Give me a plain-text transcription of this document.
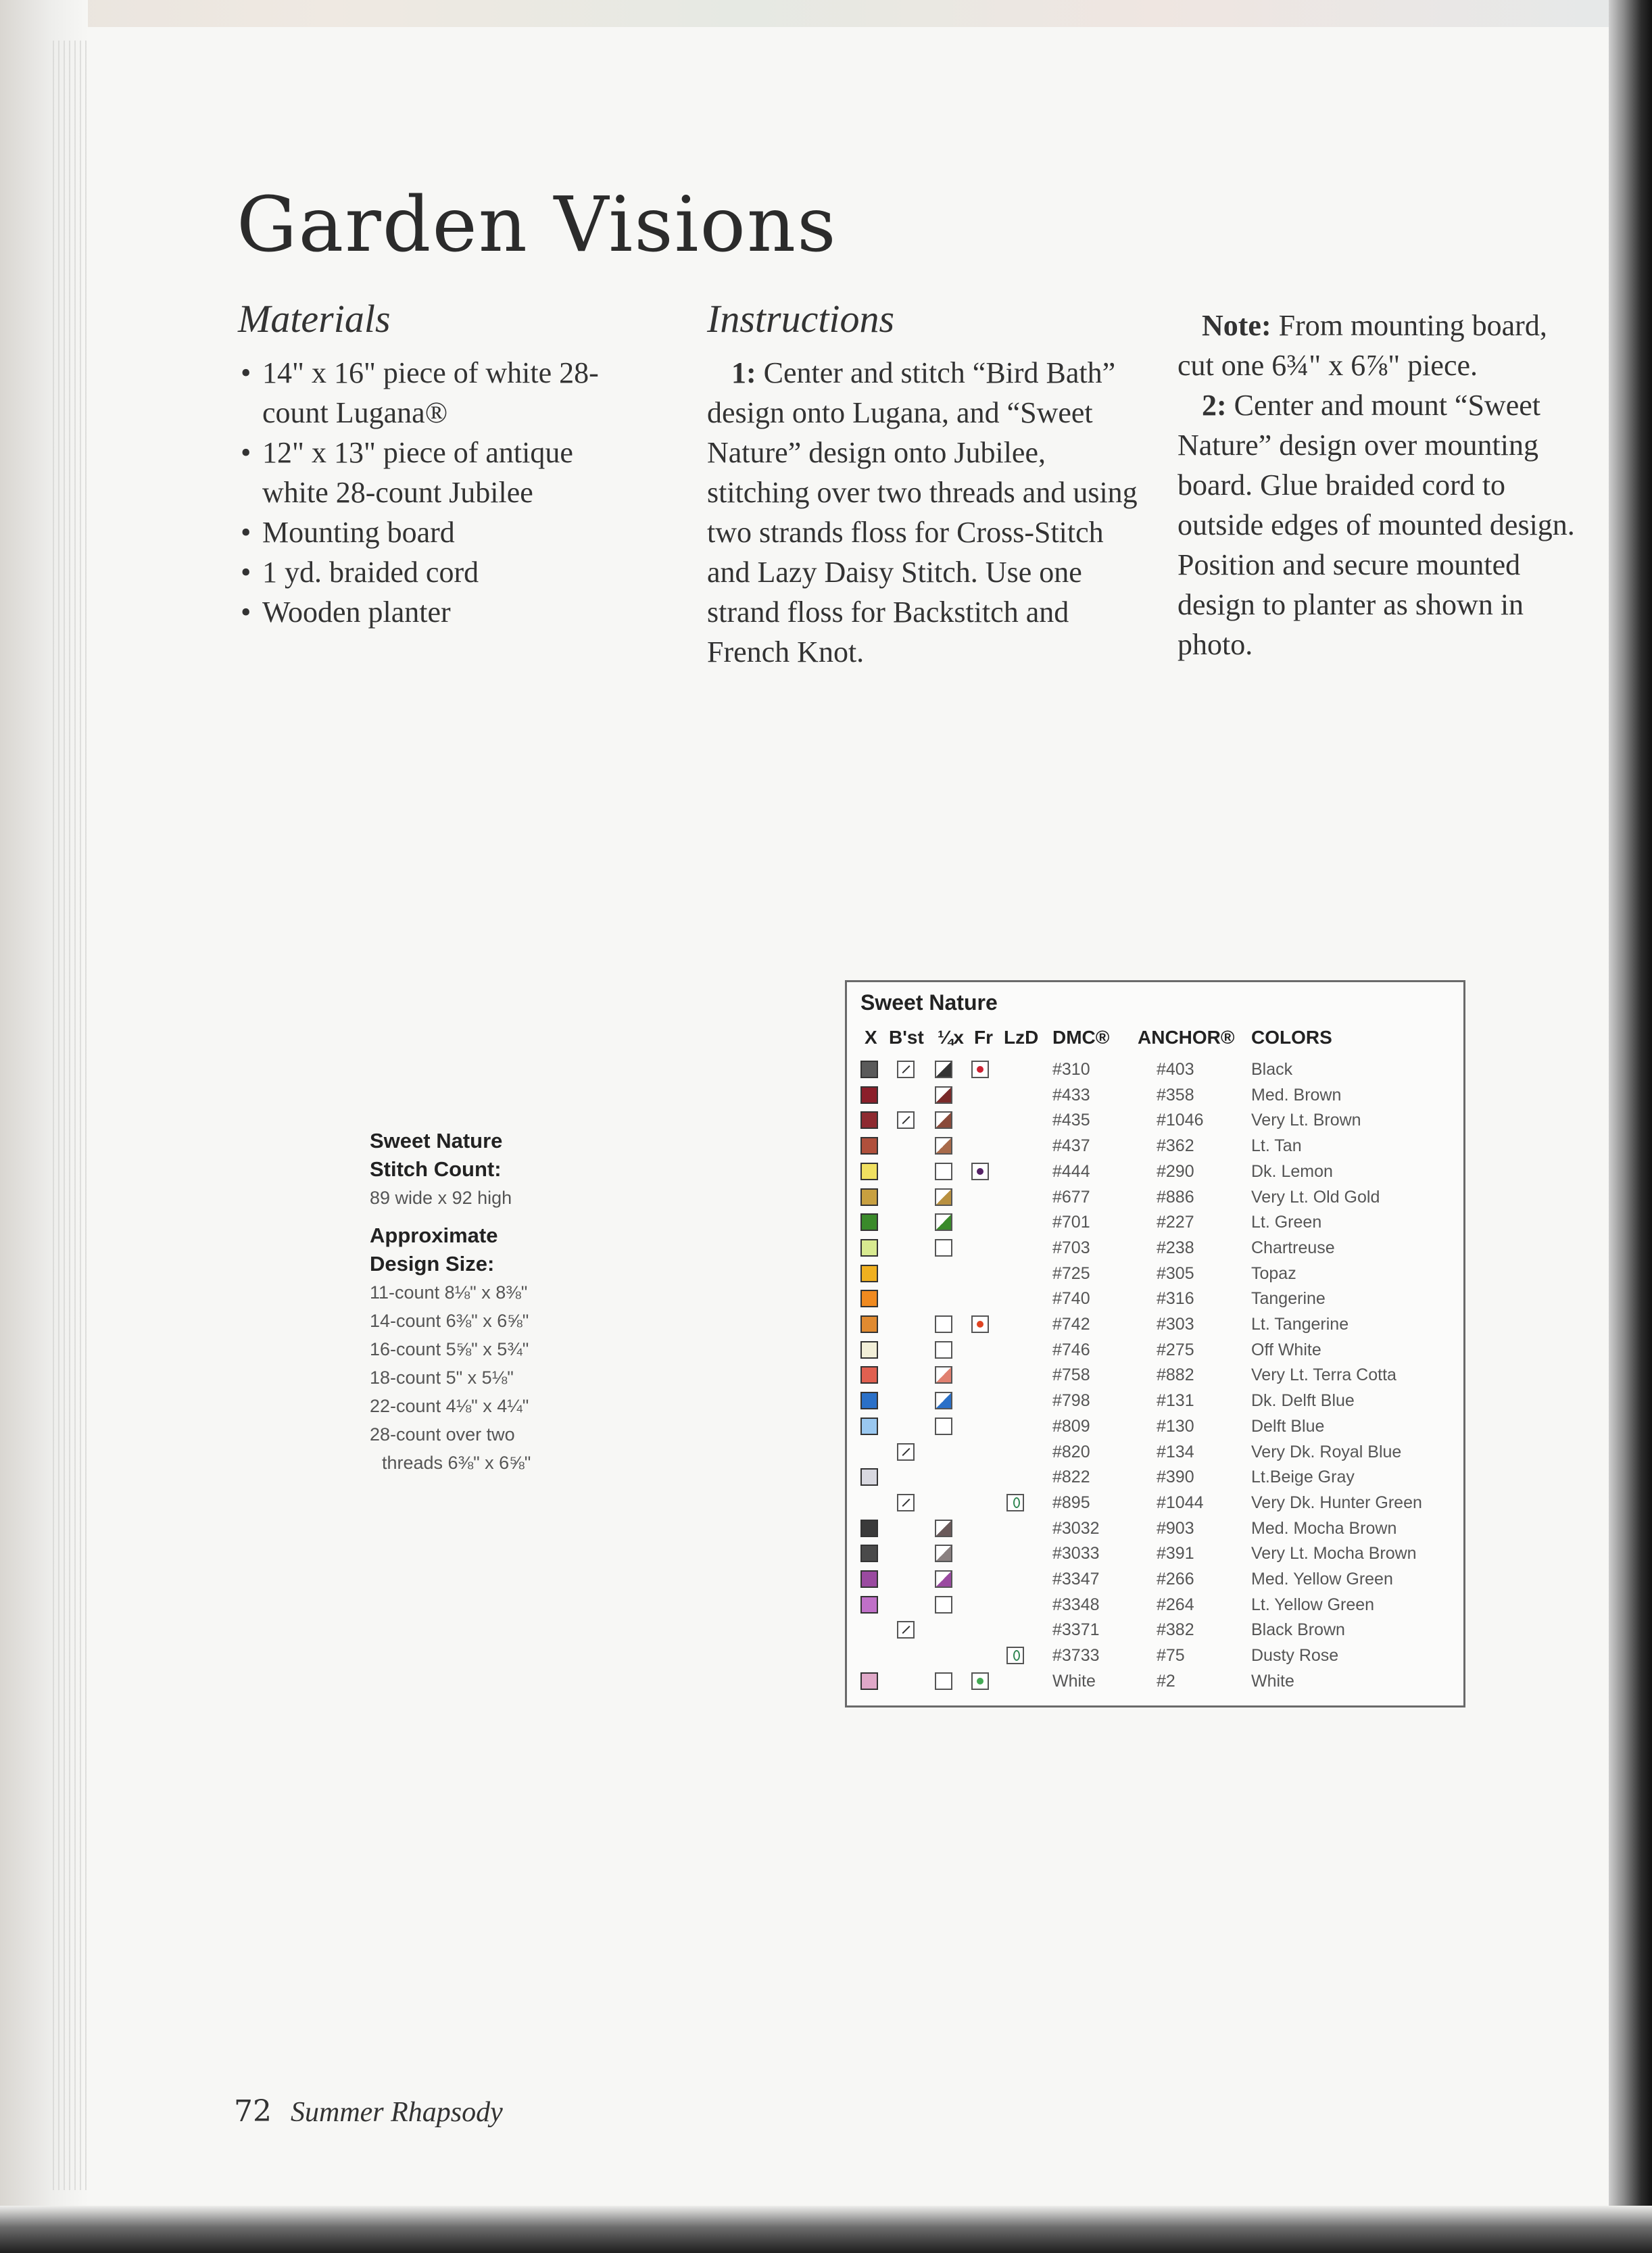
Garden Visions
Materials
• 14" x 16" piece of white 28-count Lugana®
• 12" x 13" piece of antique white 28-count Jubilee
• Mounting board
• 1 yd. braided cord
• Wooden planter
Instructions

1: Center and stitch “Bird Bath” design onto Lugana, and “Sweet Nature” design onto Jubilee, stitching over two threads and using two strands floss for Cross-Stitch and Lazy Daisy Stitch. Use one strand floss for Backstitch and French Knot.

Note: From mounting board, cut one 6¾" x 6⅞" piece.

2: Center and mount “Sweet Nature” design over mounting board. Glue braided cord to outside edges of mounted design. Position and secure mounted design to planter as shown in photo.

Sweet Nature
Stitch Count:
89 wide x 92 high
Approximate
Design Size:
11-count 8⅛" x 8⅜"
14-count 6⅜" x 6⅝"
16-count 5⅝" x 5¾"
18-count 5" x 5⅛"
22-count 4⅛" x 4¼"
28-count over two
threads 6⅜" x 6⅝"
Sweet Nature
X B'st ¼x Fr LzD DMC® ANCHOR® COLORS
#310	#403	Black
#433	#358	Med. Brown
#435	#1046	Very Lt. Brown
#437	#362	Lt. Tan
#444	#290	Dk. Lemon
#677	#886	Very Lt. Old Gold
#701	#227	Lt. Green
#703	#238	Chartreuse
#725	#305	Topaz
#740	#316	Tangerine
#742	#303	Lt. Tangerine
#746	#275	Off White
#758	#882	Very Lt. Terra Cotta
#798	#131	Dk. Delft Blue
#809	#130	Delft Blue
#820	#134	Very Dk. Royal Blue
#822	#390	Lt.Beige Gray
#895	#1044	Very Dk. Hunter Green
#3032	#903	Med. Mocha Brown
#3033	#391	Very Lt. Mocha Brown
#3347	#266	Med. Yellow Green
#3348	#264	Lt. Yellow Green
#3371	#382	Black Brown
#3733	#75	Dusty Rose
White	#2	White
72 Summer Rhapsody
